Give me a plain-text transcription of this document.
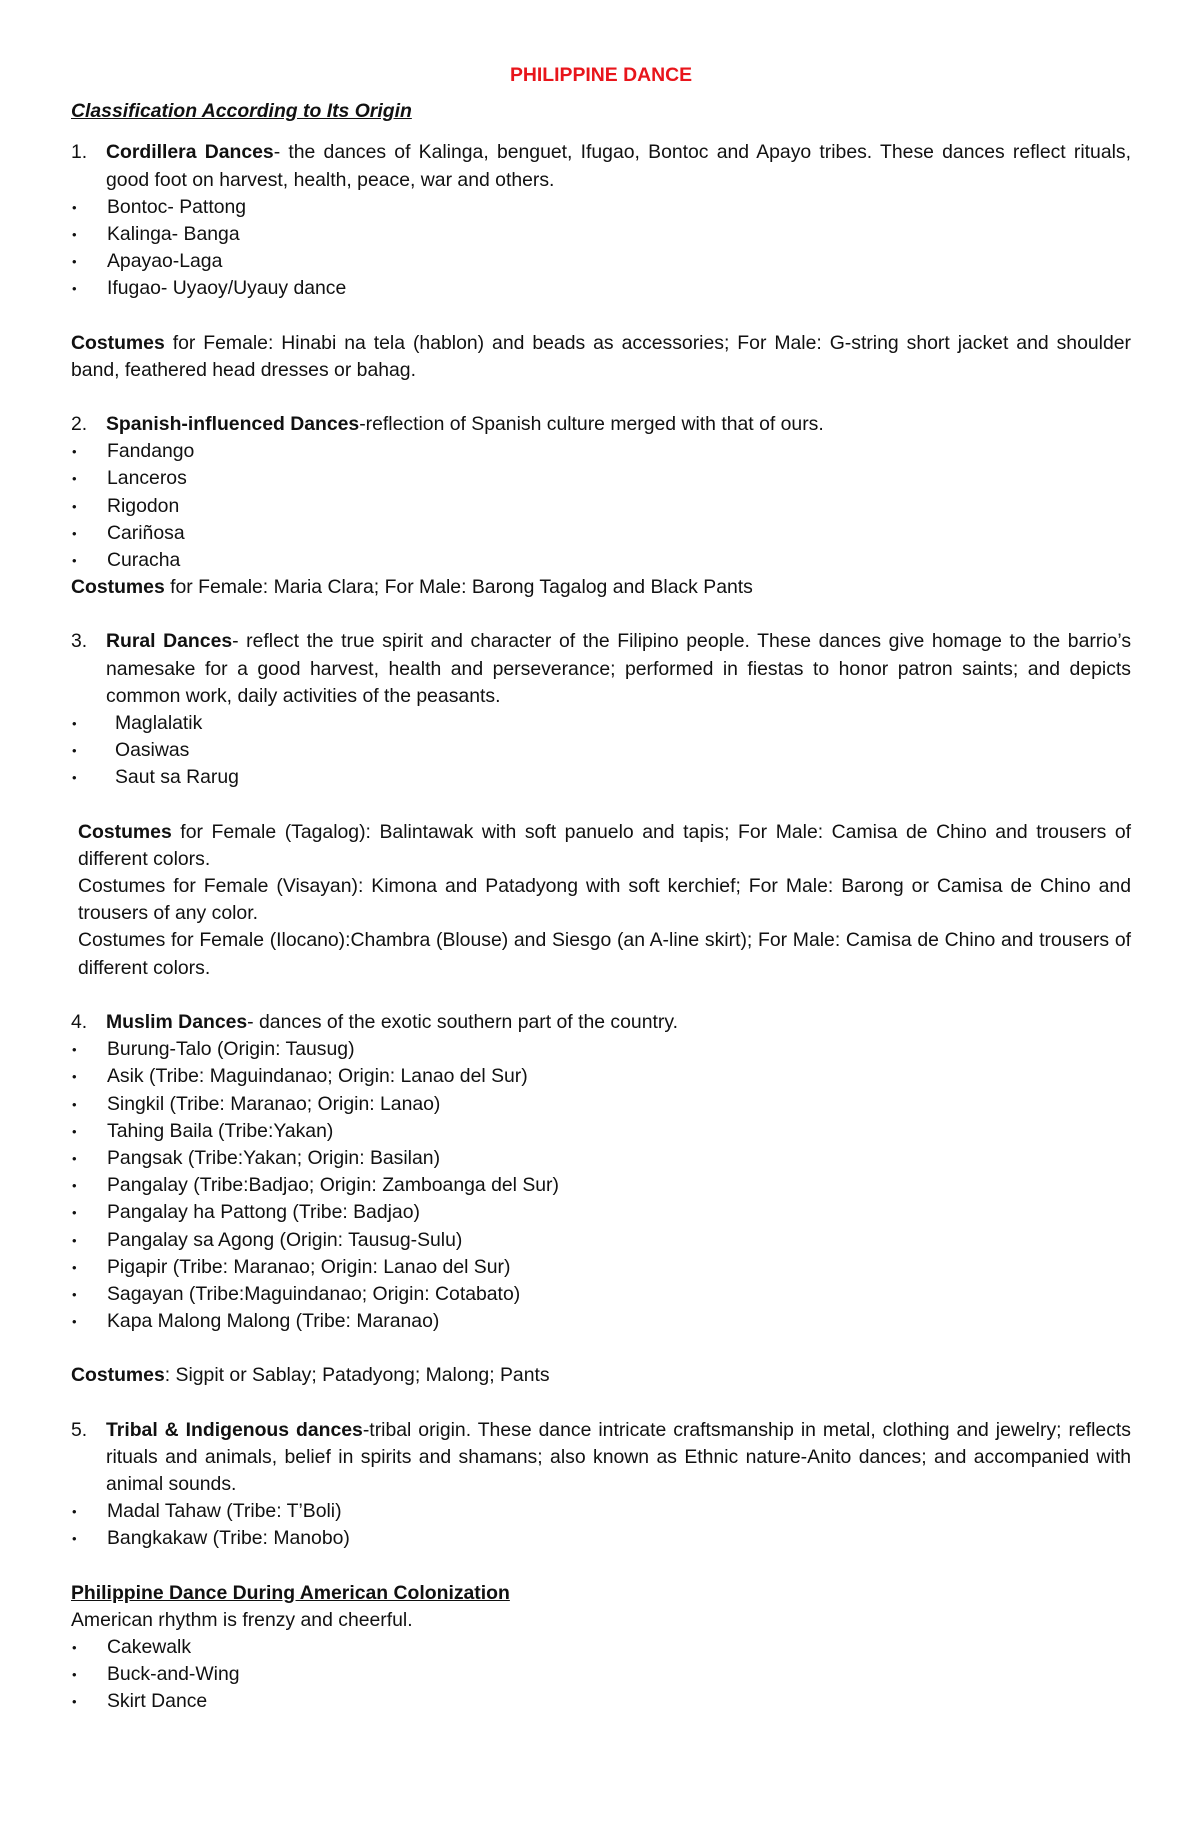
PHILIPPINE DANCE
Classification According to Its Origin
1. Cordillera Dances- the dances of Kalinga, benguet, Ifugao, Bontoc and Apayo tribes. These dances reflect rituals, good foot on harvest, health, peace, war and others.
•	Bontoc- Pattong
•	Kalinga- Banga
•	Apayao-Laga
•	Ifugao- Uyaoy/Uyauy dance

Costumes for Female: Hinabi na tela (hablon) and beads as accessories; For Male: G-string short jacket and shoulder band, feathered head dresses or bahag.

2. Spanish-influenced Dances-reflection of Spanish culture merged with that of ours.
•	Fandango
•	Lanceros
•	Rigodon
•	Cariñosa
•	Curacha

Costumes for Female: Maria Clara; For Male: Barong Tagalog and Black Pants

3. Rural Dances- reflect the true spirit and character of the Filipino people. These dances give homage to the barrio’s namesake for a good harvest, health and perseverance; performed in fiestas to honor patron saints; and depicts common work, daily activities of the peasants.
•	Maglalatik
•	Oasiwas
•	Saut sa Rarug

Costumes for Female (Tagalog): Balintawak with soft panuelo and tapis; For Male: Camisa de Chino and trousers of different colors.

Costumes for Female (Visayan): Kimona and Patadyong with soft kerchief; For Male: Barong or Camisa de Chino and trousers of any color.

Costumes for Female (Ilocano):Chambra (Blouse) and Siesgo (an A-line skirt); For Male: Camisa de Chino and trousers of different colors.

4. Muslim Dances- dances of the exotic southern part of the country.
•	Burung-Talo (Origin: Tausug)
•	Asik (Tribe: Maguindanao; Origin: Lanao del Sur)
•	Singkil (Tribe: Maranao; Origin: Lanao)
•	Tahing Baila (Tribe:Yakan)
•	Pangsak (Tribe:Yakan; Origin: Basilan)
•	Pangalay (Tribe:Badjao; Origin: Zamboanga del Sur)
•	Pangalay ha Pattong (Tribe: Badjao)
•	Pangalay sa Agong (Origin: Tausug-Sulu)
•	Pigapir (Tribe: Maranao; Origin: Lanao del Sur)
•	Sagayan (Tribe:Maguindanao; Origin: Cotabato)
•	Kapa Malong Malong (Tribe: Maranao)

Costumes: Sigpit or Sablay; Patadyong; Malong; Pants

5. Tribal & Indigenous dances-tribal origin. These dance intricate craftsmanship in metal, clothing and jewelry; reflects rituals and animals, belief in spirits and shamans; also known as Ethnic nature-Anito dances; and accompanied with animal sounds.
•	Madal Tahaw (Tribe: T’Boli)
•	Bangkakaw (Tribe: Manobo)
Philippine Dance During American Colonization

American rhythm is frenzy and cheerful.

•	Cakewalk
•	Buck-and-Wing
•	Skirt Dance
